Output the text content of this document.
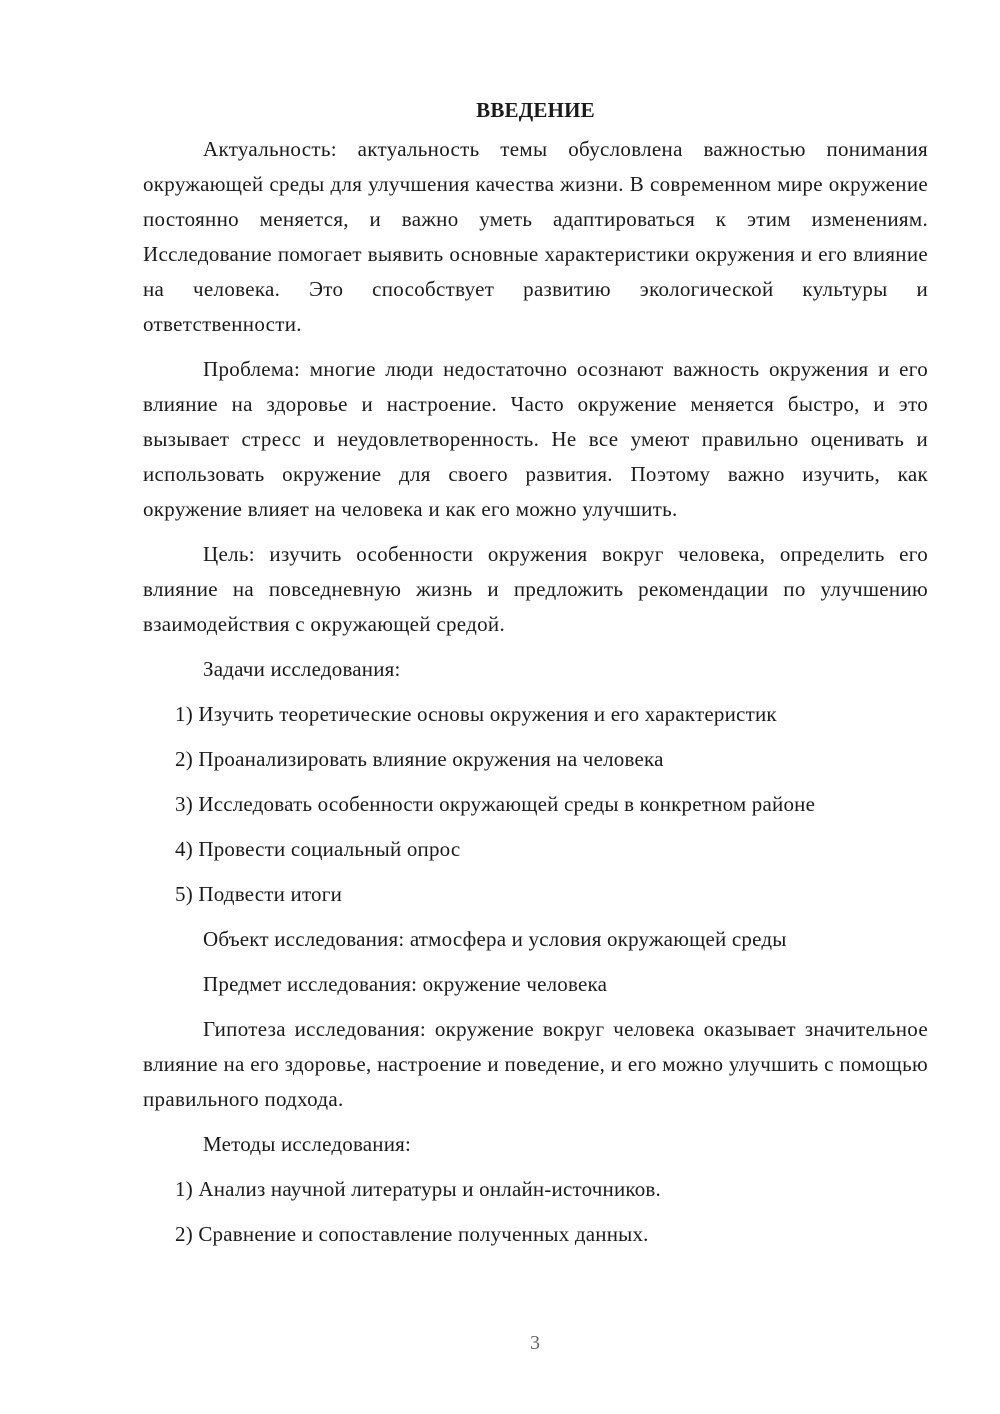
ВВЕДЕНИЕ

Актуальность: актуальность темы обусловлена важностью понимания окружающей среды для улучшения качества жизни. В современном мире окружение постоянно меняется, и важно уметь адаптироваться к этим изменениям. Исследование помогает выявить основные характеристики окружения и его влияние на человека. Это способствует развитию экологической культуры и ответственности.

Проблема: многие люди недостаточно осознают важность окружения и его влияние на здоровье и настроение. Часто окружение меняется быстро, и это вызывает стресс и неудовлетворенность. Не все умеют правильно оценивать и использовать окружение для своего развития. Поэтому важно изучить, как окружение влияет на человека и как его можно улучшить.

Цель: изучить особенности окружения вокруг человека, определить его влияние на повседневную жизнь и предложить рекомендации по улучшению взаимодействия с окружающей средой.

Задачи исследования:
1) Изучить теоретические основы окружения и его характеристик
2) Проанализировать влияние окружения на человека
3) Исследовать особенности окружающей среды в конкретном районе
4) Провести социальный опрос
5) Подвести итоги
Объект исследования: атмосфера и условия окружающей среды
Предмет исследования: окружение человека

Гипотеза исследования: окружение вокруг человека оказывает значительное влияние на его здоровье, настроение и поведение, и его можно улучшить с помощью правильного подхода.

Методы исследования:
1) Анализ научной литературы и онлайн-источников.
2) Сравнение и сопоставление полученных данных.
3
